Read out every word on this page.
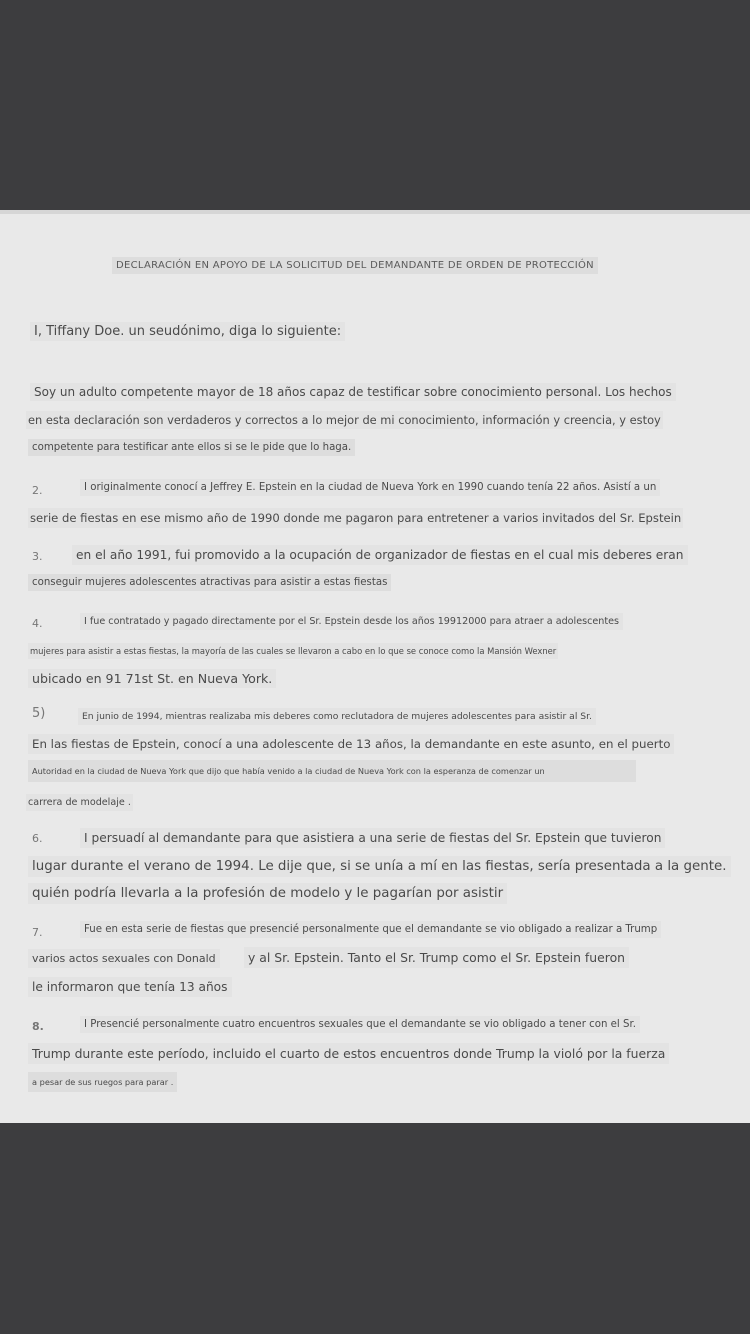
DECLARACIÓN EN APOYO DE LA SOLICITUD DEL DEMANDANTE DE ORDEN DE PROTECCIÓN
I, Tiffany Doe. un seudónimo, diga lo siguiente:
Soy un adulto competente mayor de 18 años capaz de testificar sobre conocimiento personal. Los hechos
en esta declaración son verdaderos y correctos a lo mejor de mi conocimiento, información y creencia, y estoy
competente para testificar ante ellos si se le pide que lo haga.
2.	I originalmente conocí a Jeffrey E. Epstein en la ciudad de Nueva York en 1990 cuando tenía 22 años. Asistí a un
serie de fiestas en ese mismo año de 1990 donde me pagaron para entretener a varios invitados del Sr. Epstein
3.	en el año 1991, fui promovido a la ocupación de organizador de fiestas en el cual mis deberes eran
conseguir mujeres adolescentes atractivas para asistir a estas fiestas
4.	I fue contratado y pagado directamente por el Sr. Epstein desde los años 19912000 para atraer a adolescentes
mujeres para asistir a estas fiestas, la mayoría de las cuales se llevaron a cabo en lo que se conoce como la Mansión Wexner
ubicado en 91 71st St. en Nueva York.
5)	En junio de 1994, mientras realizaba mis deberes como reclutadora de mujeres adolescentes para asistir al Sr.
En las fiestas de Epstein, conocí a una adolescente de 13 años, la demandante en este asunto, en el puerto
Autoridad en la ciudad de Nueva York que dijo que había venido a la ciudad de Nueva York con la esperanza de comenzar un
carrera de modelaje .
6.	I persuadí al demandante para que asistiera a una serie de fiestas del Sr. Epstein que tuvieron
lugar durante el verano de 1994. Le dije que, si se unía a mí en las fiestas, sería presentada a la gente.
quién podría llevarla a la profesión de modelo y le pagarían por asistir
7.	Fue en esta serie de fiestas que presencié personalmente que el demandante se vio obligado a realizar a Trump
varios actos sexuales con Donald	y al Sr. Epstein. Tanto el Sr. Trump como el Sr. Epstein fueron
le informaron que tenía 13 años
8.	I Presencié personalmente cuatro encuentros sexuales que el demandante se vio obligado a tener con el Sr.
Trump durante este período, incluido el cuarto de estos encuentros donde Trump la violó por la fuerza
a pesar de sus ruegos para parar .
